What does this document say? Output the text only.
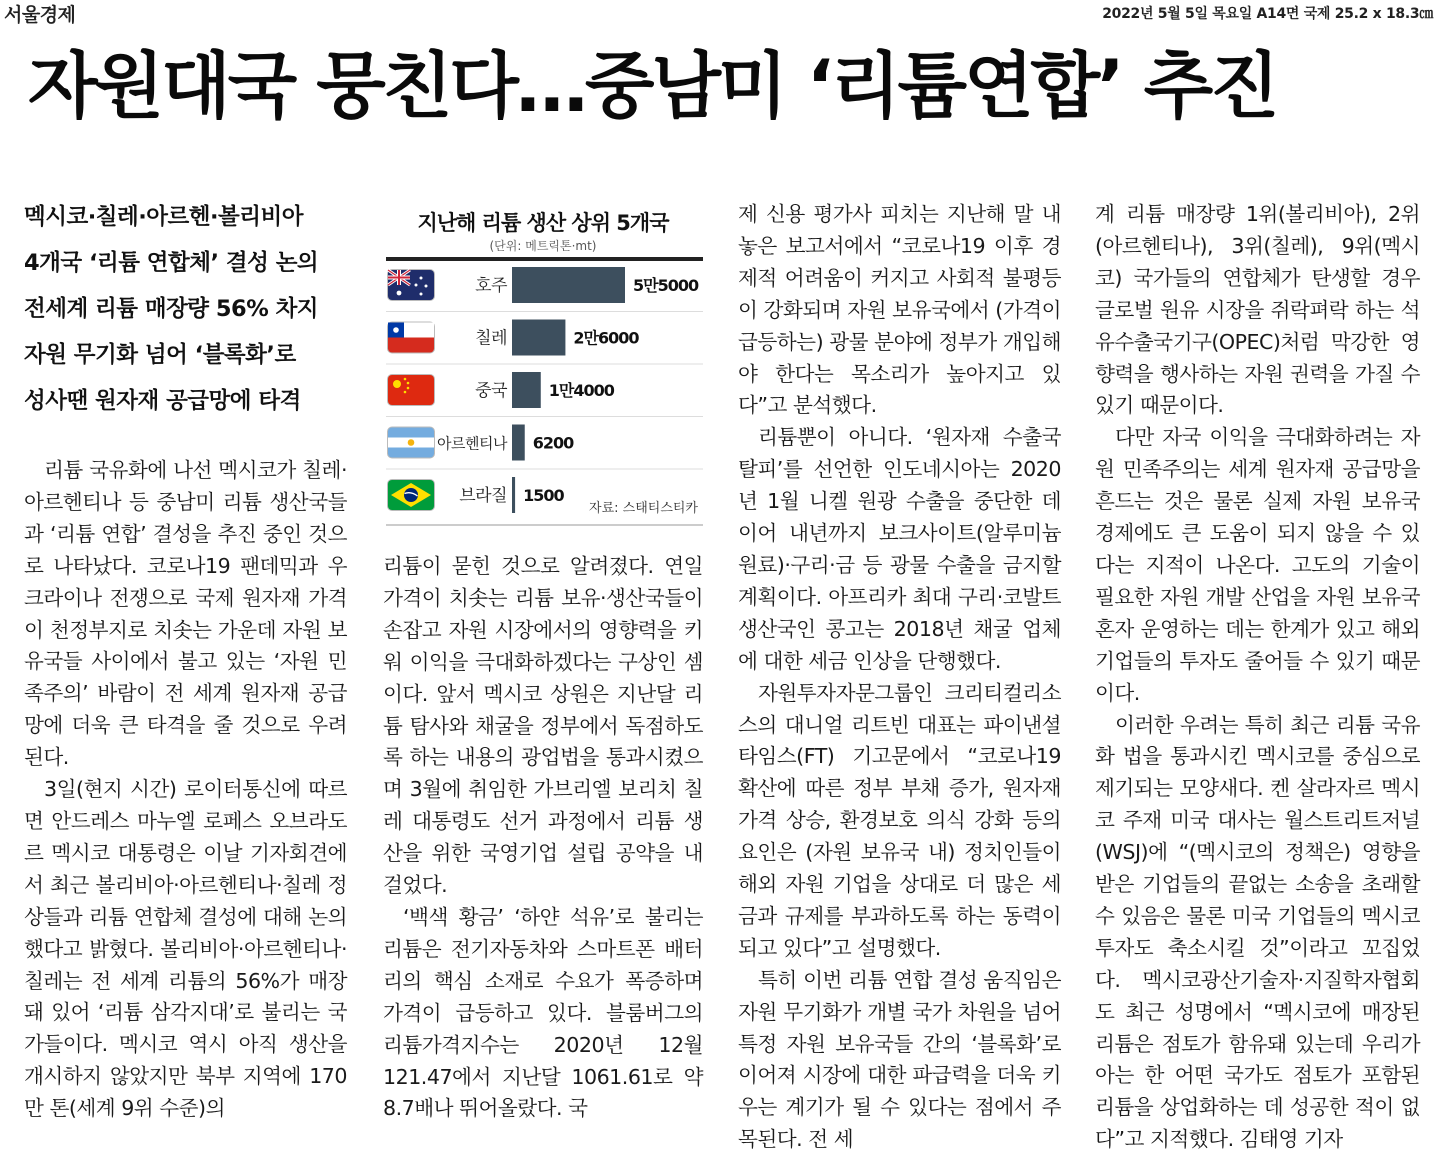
서울경제	2022년 5월 5일 목요일 A14면 국제 25.2 x 18.3㎝
자원대국 뭉친다…중남미 ‘리튬연합’ 추진
멕시코·칠레·아르헨·볼리비아
4개국 ‘리튬 연합체’ 결성 논의
전세계 리튬 매장량 56% 차지
자원 무기화 넘어 ‘블록화’로
성사땐 원자재 공급망에 타격

리튬 국유화에 나선 멕시코가 칠레·아르헨티나 등 중남미 리튬 생산국들과 ‘리튬 연합’ 결성을 추진 중인 것으로 나타났다. 코로나19 팬데믹과 우크라이나 전쟁으로 국제 원자재 가격이 천정부지로 치솟는 가운데 자원 보유국들 사이에서 불고 있는 ‘자원 민족주의’ 바람이 전 세계 원자재 공급망에 더욱 큰 타격을 줄 것으로 우려된다.

3일(현지 시간) 로이터통신에 따르면 안드레스 마누엘 로페스 오브라도르 멕시코 대통령은 이날 기자회견에서 최근 볼리비아·아르헨티나·칠레 정상들과 리튬 연합체 결성에 대해 논의했다고 밝혔다. 볼리비아·아르헨티나·칠레는 전 세계 리튬의 56%가 매장돼 있어 ‘리튬 삼각지대’로 불리는 국가들이다. 멕시코 역시 아직 생산을 개시하지 않았지만 북부 지역에 170만 톤(세계 9위 수준)의

지난해 리튬 생산 상위 5개국
(단위: 메트릭톤·mt)
호주	5만5000
칠레	2만6000
중국	1만4000
아르헨티나 6200
브라질 1500
자료: 스태티스티카

리튬이 묻힌 것으로 알려졌다. 연일 가격이 치솟는 리튬 보유·생산국들이 손잡고 자원 시장에서의 영향력을 키워 이익을 극대화하겠다는 구상인 셈이다. 앞서 멕시코 상원은 지난달 리튬 탐사와 채굴을 정부에서 독점하도록 하는 내용의 광업법을 통과시켰으며 3월에 취임한 가브리엘 보리치 칠레 대통령도 선거 과정에서 리튬 생산을 위한 국영기업 설립 공약을 내걸었다.

‘백색 황금’ ‘하얀 석유’로 불리는 리튬은 전기자동차와 스마트폰 배터리의 핵심 소재로 수요가 폭증하며 가격이 급등하고 있다. 블룸버그의 리튬가격지수는 2020년 12월 121.47에서 지난달 1061.61로 약 8.7배나 뛰어올랐다. 국

제 신용 평가사 피치는 지난해 말 내놓은 보고서에서 “코로나19 이후 경제적 어려움이 커지고 사회적 불평등이 강화되며 자원 보유국에서 (가격이 급등하는) 광물 분야에 정부가 개입해야 한다는 목소리가 높아지고 있다”고 분석했다.

리튬뿐이 아니다. ‘원자재 수출국 탈피’를 선언한 인도네시아는 2020년 1월 니켈 원광 수출을 중단한 데 이어 내년까지 보크사이트(알루미늄 원료)·구리·금 등 광물 수출을 금지할 계획이다. 아프리카 최대 구리·코발트 생산국인 콩고는 2018년 채굴 업체에 대한 세금 인상을 단행했다.

자원투자자문그룹인 크리티컬리소스의 대니얼 리트빈 대표는 파이낸셜타임스(FT) 기고문에서 “코로나19 확산에 따른 정부 부채 증가, 원자재 가격 상승, 환경보호 의식 강화 등의 요인은 (자원 보유국 내) 정치인들이 해외 자원 기업을 상대로 더 많은 세금과 규제를 부과하도록 하는 동력이 되고 있다”고 설명했다.

특히 이번 리튬 연합 결성 움직임은 자원 무기화가 개별 국가 차원을 넘어 특정 자원 보유국들 간의 ‘블록화’로 이어져 시장에 대한 파급력을 더욱 키우는 계기가 될 수 있다는 점에서 주목된다. 전 세

계 리튬 매장량 1위(볼리비아), 2위(아르헨티나), 3위(칠레), 9위(멕시코) 국가들의 연합체가 탄생할 경우 글로벌 원유 시장을 쥐락펴락 하는 석유수출국기구(OPEC)처럼 막강한 영향력을 행사하는 자원 권력을 가질 수 있기 때문이다.

다만 자국 이익을 극대화하려는 자원 민족주의는 세계 원자재 공급망을 흔드는 것은 물론 실제 자원 보유국 경제에도 큰 도움이 되지 않을 수 있다는 지적이 나온다. 고도의 기술이 필요한 자원 개발 산업을 자원 보유국 혼자 운영하는 데는 한계가 있고 해외 기업들의 투자도 줄어들 수 있기 때문이다.

이러한 우려는 특히 최근 리튬 국유화 법을 통과시킨 멕시코를 중심으로 제기되는 모양새다. 켄 살라자르 멕시코 주재 미국 대사는 월스트리트저널(WSJ)에 “(멕시코의 정책은) 영향을 받은 기업들의 끝없는 소송을 초래할 수 있음은 물론 미국 기업들의 멕시코 투자도 축소시킬 것”이라고 꼬집었다. 멕시코광산기술자·지질학자협회도 최근 성명에서 “멕시코에 매장된 리튬은 점토가 함유돼 있는데 우리가 아는 한 어떤 국가도 점토가 포함된 리튬을 상업화하는 데 성공한 적이 없다”고 지적했다. 김태영 기자
